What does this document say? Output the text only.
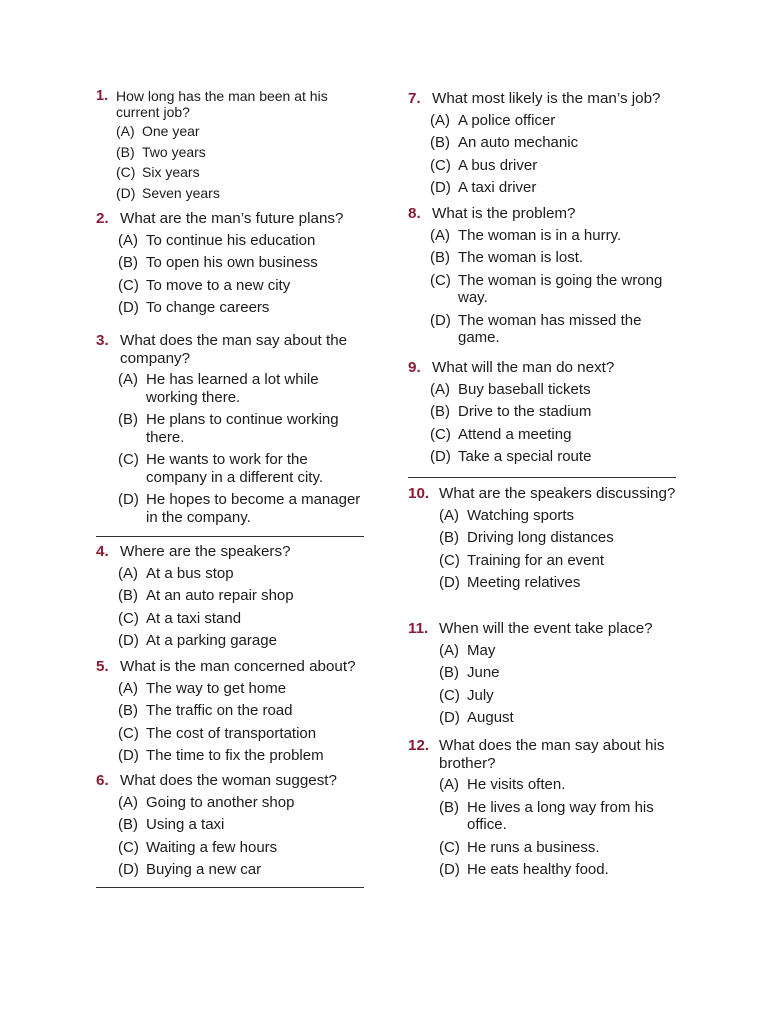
1. How long has the man been at his current job?
(A) One year
(B) Two years
(C) Six years
(D) Seven years
2. What are the man’s future plans?
(A) To continue his education
(B) To open his own business
(C) To move to a new city
(D) To change careers
3. What does the man say about the company?
(A) He has learned a lot while working there.
(B) He plans to continue working there.
(C) He wants to work for the company in a different city.
(D) He hopes to become a manager in the company.
4. Where are the speakers?
(A) At a bus stop
(B) At an auto repair shop
(C) At a taxi stand
(D) At a parking garage
5. What is the man concerned about?
(A) The way to get home
(B) The traffic on the road
(C) The cost of transportation
(D) The time to fix the problem
6. What does the woman suggest?
(A) Going to another shop
(B) Using a taxi
(C) Waiting a few hours
(D) Buying a new car
7. What most likely is the man’s job?
(A) A police officer
(B) An auto mechanic
(C) A bus driver
(D) A taxi driver
8. What is the problem?
(A) The woman is in a hurry.
(B) The woman is lost.
(C) The woman is going the wrong way.
(D) The woman has missed the game.
9. What will the man do next?
(A) Buy baseball tickets
(B) Drive to the stadium
(C) Attend a meeting
(D) Take a special route
10. What are the speakers discussing?
(A) Watching sports
(B) Driving long distances
(C) Training for an event
(D) Meeting relatives
11. When will the event take place?
(A) May
(B) June
(C) July
(D) August
12. What does the man say about his brother?
(A) He visits often.
(B) He lives a long way from his office.
(C) He runs a business.
(D) He eats healthy food.
